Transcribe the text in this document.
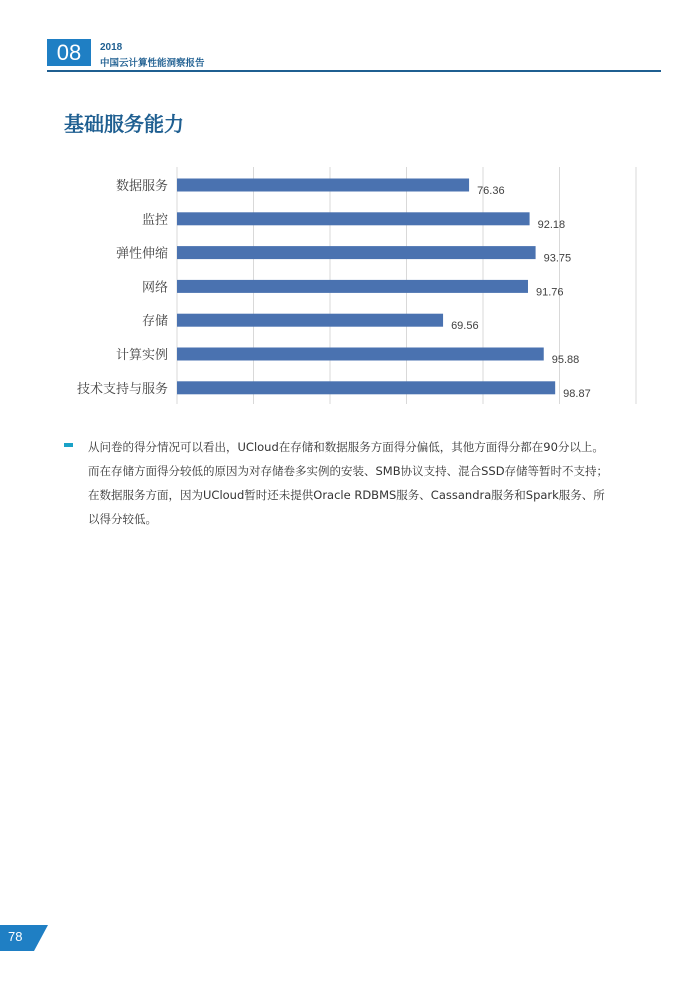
08	2018
中国云计算性能洞察报告
基础服务能力
数据服务
监控
弹性伸缩
网络
存储
计算实例
技术支持与服务
76.36
92.18
93.75
91.76
69.56
95.88
98.87
从问卷的得分情况可以看出，UCloud在存储和数据服务方面得分偏低，其他方面得分都在90分以上。
而在存储方面得分较低的原因为对存储卷多实例的安装、SMB协议支持、混合SSD存储等暂时不支持；
在数据服务方面，因为UCloud暂时还未提供Oracle RDBMS服务、Cassandra服务和Spark服务、所
以得分较低。
78
